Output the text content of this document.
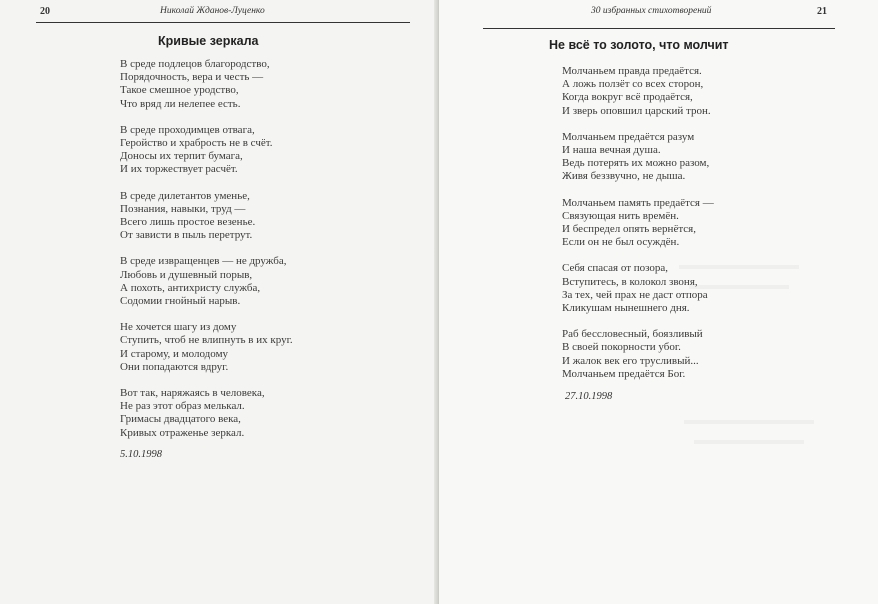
20	Николай Жданов-Луценко
Кривые зеркала
В среде подлецов благородство,
Порядочность, вера и честь —
Такое смешное уродство,
Что вряд ли нелепее есть.
В среде проходимцев отвага,
Геройство и храбрость не в счёт.
Доносы их терпит бумага,
И их торжествует расчёт.
В среде дилетантов уменье,
Познания, навыки, труд —
Всего лишь простое везенье.
От зависти в пыль перетрут.
В среде извращенцев — не дружба,
Любовь и душевный порыв,
А похоть, антихристу служба,
Содомии гнойный нарыв.
Не хочется шагу из дому
Ступить, чтоб не влипнуть в их круг.
И старому, и молодому
Они попадаются вдруг.
Вот так, наряжаясь в человека,
Не раз этот образ мелькал.
Гримасы двадцатого века,
Кривых отраженье зеркал.
5.10.1998
30 избранных стихотворений	21
Не всё то золото, что молчит
Молчаньем правда предаётся.
А ложь ползёт со всех сторон,
Когда вокруг всё продаётся,
И зверь оповшил царский трон.
Молчаньем предаётся разум
И наша вечная душа.
Ведь потерять их можно разом,
Живя беззвучно, не дыша.
Молчаньем память предаётся —
Связующая нить времён.
И беспредел опять вернётся,
Если он не был осуждён.
Себя спасая от позора,
Вступитесь, в колокол звоня,
За тех, чей прах не даст отпора
Кликушам нынешнего дня.
Раб бессловесный, боязливый
В своей покорности убог.
И жалок век его трусливый...
Молчаньем предаётся Бог.
27.10.1998
